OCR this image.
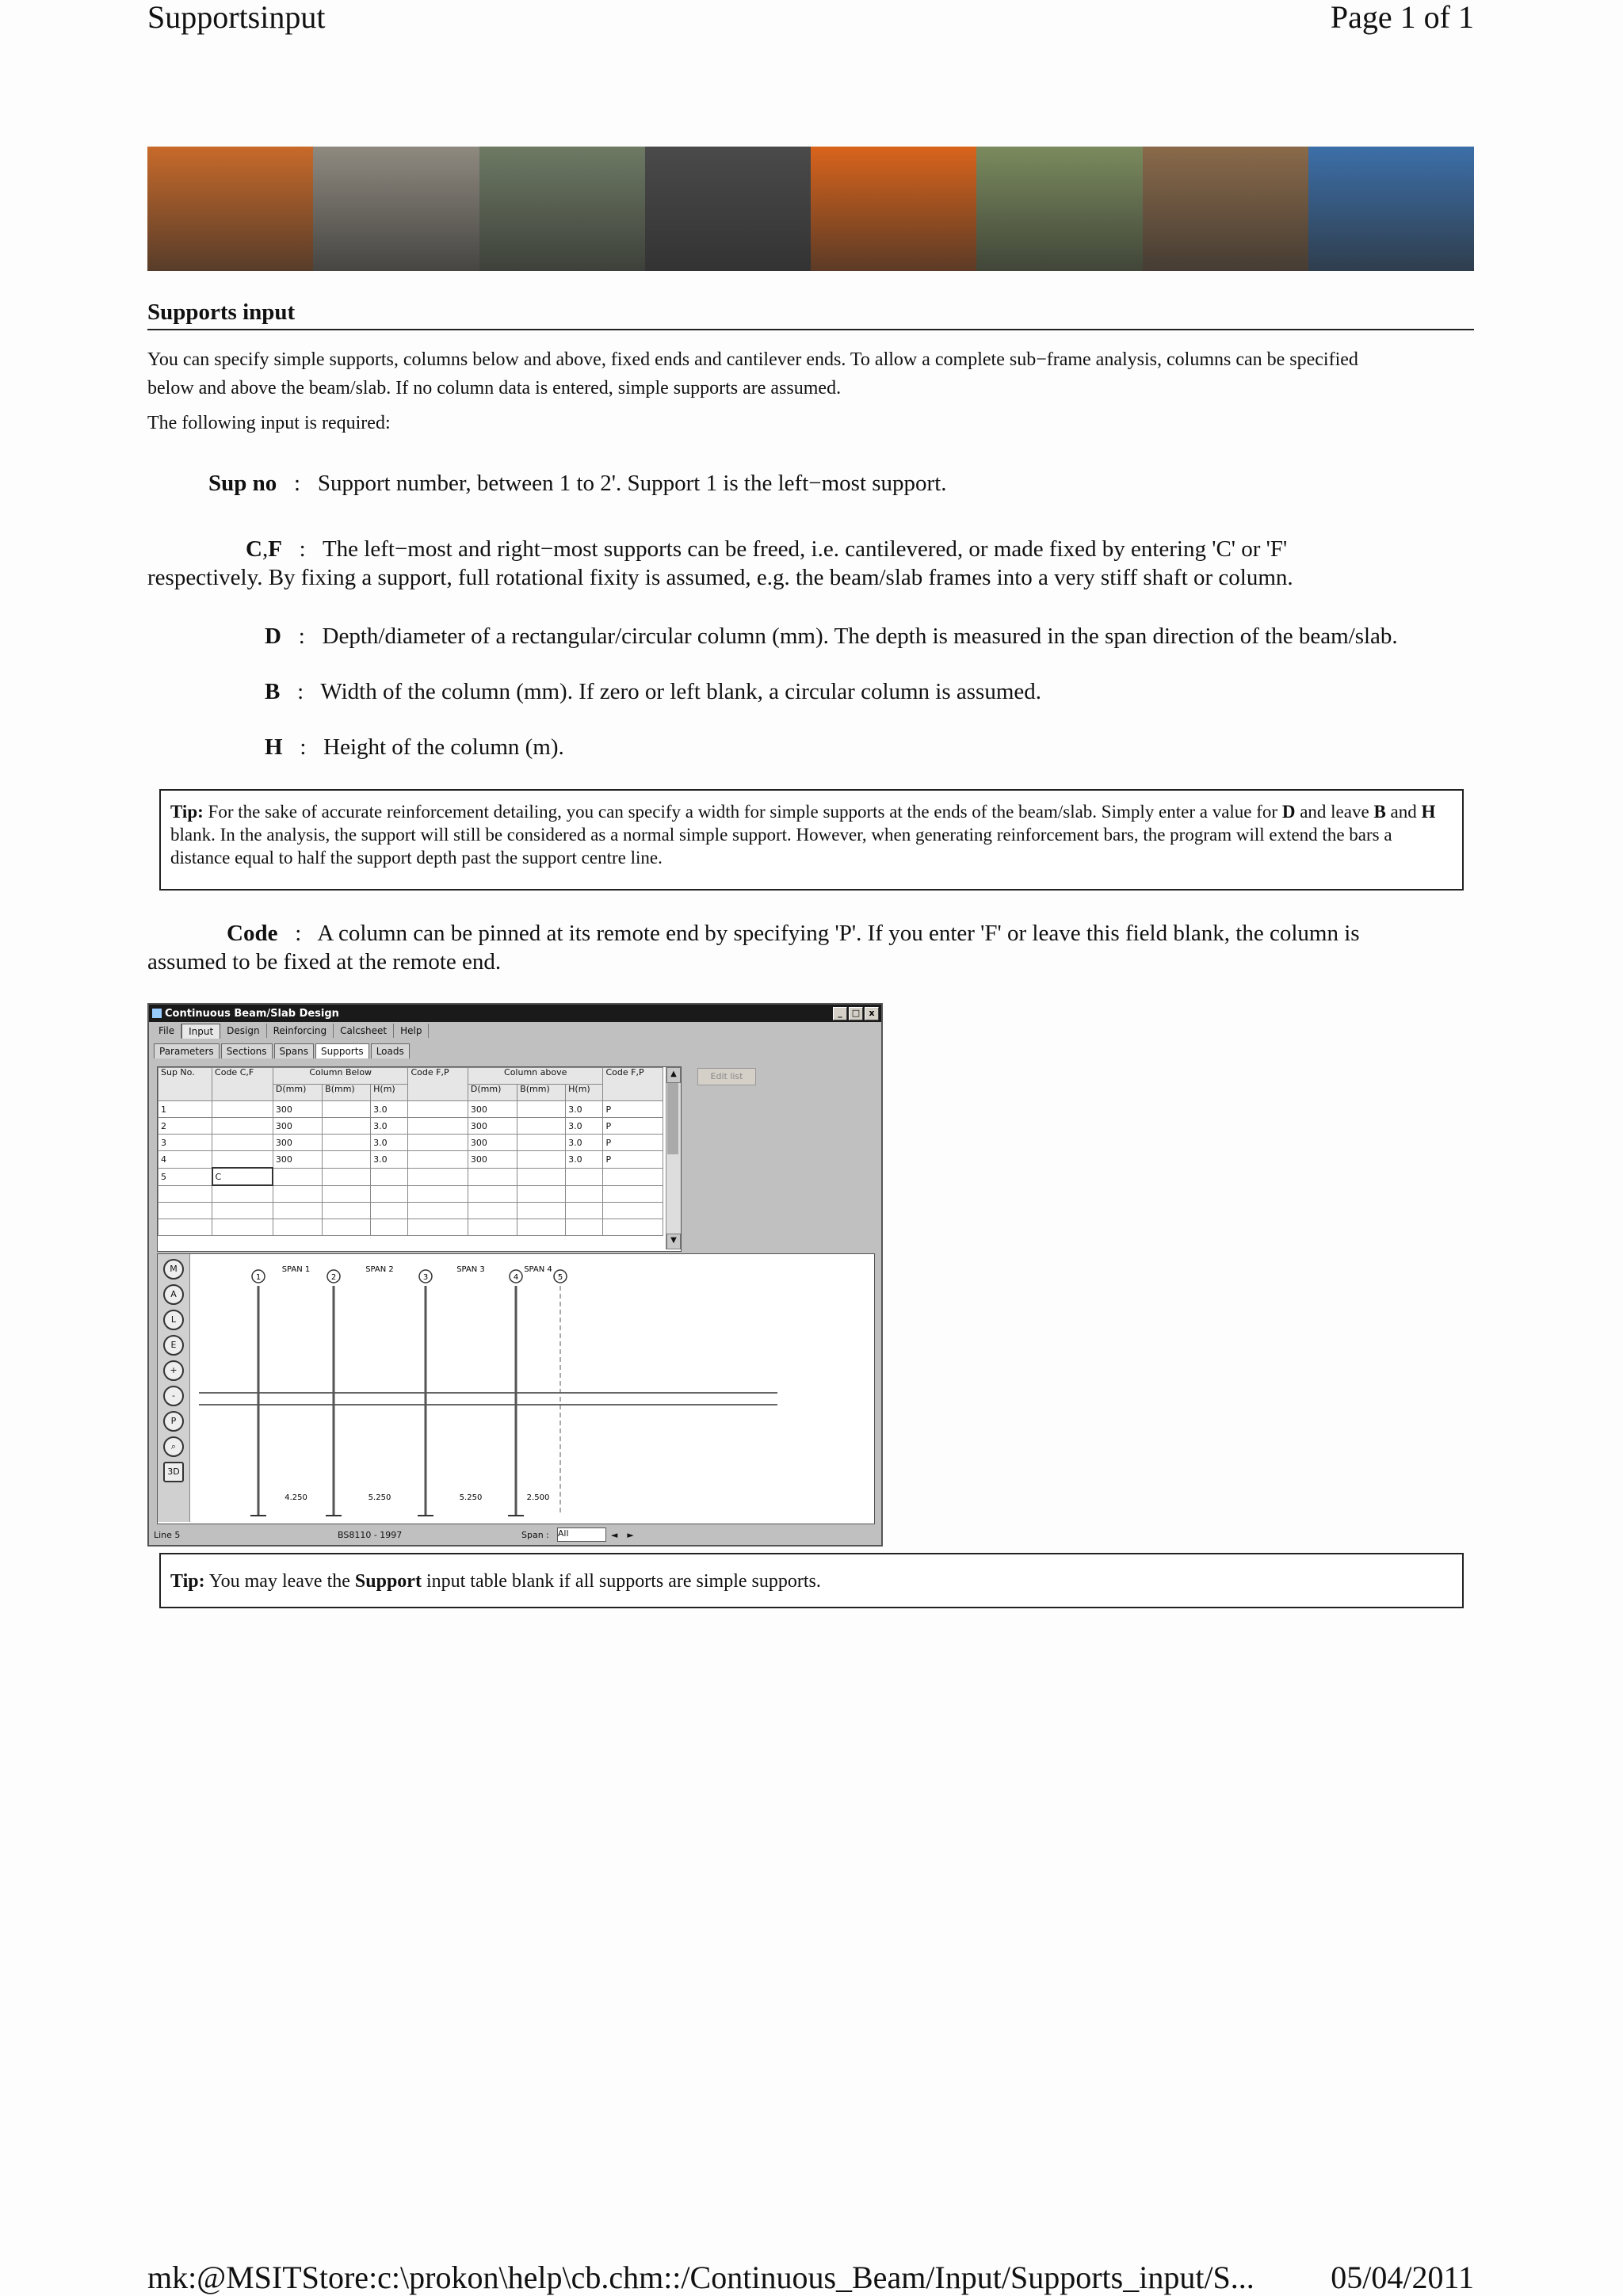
Supportsinput	Page 1 of 1
Supports input
You can specify simple supports, columns below and above, fixed ends and cantilever ends. To allow a complete sub−frame analysis, columns can be specified
below and above the beam/slab. If no column data is entered, simple supports are assumed.
The following input is required:
Sup no   :   Support number, between 1 to 2'. Support 1 is the left−most support.
C,F   :   The left−most and right−most supports can be freed, i.e. cantilevered, or made fixed by entering 'C' or 'F'
respectively. By fixing a support, full rotational fixity is assumed, e.g. the beam/slab frames into a very stiff shaft or column.
D   :   Depth/diameter of a rectangular/circular column (mm). The depth is measured in the span direction of the beam/slab.
B   :   Width of the column (mm). If zero or left blank, a circular column is assumed.
H   :   Height of the column (m).
Tip: For the sake of accurate reinforcement detailing, you can specify a width for simple supports at the ends of the beam/slab. Simply enter a value for D and leave B and H blank. In the analysis, the support will still be considered as a normal simple support. However, when generating reinforcement bars, the program will extend the bars a distance equal to half the support depth past the support centre line.
Code   :   A column can be pinned at its remote end by specifying 'P'. If you enter 'F' or leave this field blank, the column is
assumed to be fixed at the remote end.
Continuous Beam/Slab Design	_	□	x
File	Input	Design	Reinforcing	Calcsheet	Help
Parameters	Sections	Spans	Supports	Loads
Sup No.	Code C,F	Column Below			Code F,P	Column above			Code F,P
		D(mm)	B(mm)	H(m)		D(mm)	B(mm)	H(m)	
1		300		3.0		300		3.0	P
2		300		3.0		300		3.0	P
3		300		3.0		300		3.0	P
4		300		3.0		300		3.0	P
5	C								

▲
▼
Edit list
M
A
L
E
+
-
P
⌕
3D
1	2	3	4	5
SPAN 1
4.250
SPAN 2
5.250
SPAN 3
5.250
SPAN 4
2.500
Line 5	BS8110 - 1997	Span :	All	◄	►
Tip: You may leave the Support input table blank if all supports are simple supports.
mk:@MSITStore:c:\prokon\help\cb.chm::/Continuous_Beam/Input/Supports_input/S... 05/04/2011
